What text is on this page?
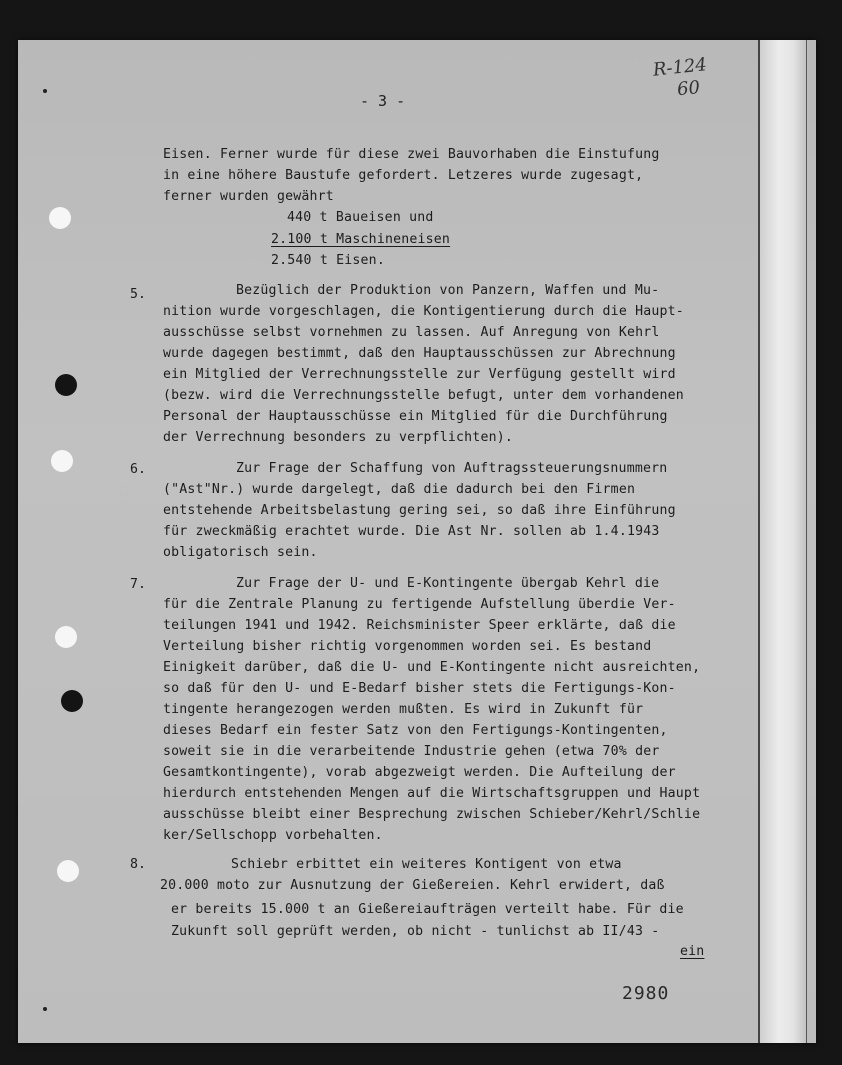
R-124
60
- 3 -
5.
6.
7.
8.
Eisen. Ferner wurde für diese zwei Bauvorhaben die Einstufung
in eine höhere Baustufe gefordert. Letzeres wurde zugesagt,
ferner wurden gewährt
440 t Baueisen und
2.100 t Maschineneisen
2.540 t Eisen.
Bezüglich der Produktion von Panzern, Waffen und Mu-
nition wurde vorgeschlagen, die Kontigentierung durch die Haupt-
ausschüsse selbst vornehmen zu lassen. Auf Anregung von Kehrl
wurde dagegen bestimmt, daß den Hauptausschüssen zur Abrechnung
ein Mitglied der Verrechnungsstelle zur Verfügung gestellt wird
(bezw. wird die Verrechnungsstelle befugt, unter dem vorhandenen
Personal der Hauptausschüsse ein Mitglied für die Durchführung
der Verrechnung besonders zu verpflichten).
Zur Frage der Schaffung von Auftragssteuerungsnummern
("Ast"Nr.) wurde dargelegt, daß die dadurch bei den Firmen
entstehende Arbeitsbelastung gering sei, so daß ihre Einführung
für zweckmäßig erachtet wurde. Die Ast Nr. sollen ab 1.4.1943
obligatorisch sein.
Zur Frage der U- und E-Kontingente übergab Kehrl die
für die Zentrale Planung zu fertigende Aufstellung überdie Ver-
teilungen 1941 und 1942. Reichsminister Speer erklärte, daß die
Verteilung bisher richtig vorgenommen worden sei. Es bestand
Einigkeit darüber, daß die U- und E-Kontingente nicht ausreichten,
so daß für den U- und E-Bedarf bisher stets die Fertigungs-Kon-
tingente herangezogen werden mußten. Es wird in Zukunft für
dieses Bedarf ein fester Satz von den Fertigungs-Kontingenten,
soweit sie in die verarbeitende Industrie gehen (etwa 70% der
Gesamtkontingente), vorab abgezweigt werden. Die Aufteilung der
hierdurch entstehenden Mengen auf die Wirtschaftsgruppen und Haupt
ausschüsse bleibt einer Besprechung zwischen Schieber/Kehrl/Schlie
ker/Sellschopp vorbehalten.
Schiebr erbittet ein weiteres Kontigent von etwa
20.000 moto zur Ausnutzung der Gießereien. Kehrl erwidert, daß
er bereits 15.000 t an Gießereiaufträgen verteilt habe. Für die
Zukunft soll geprüft werden, ob nicht - tunlichst ab II/43 -
ein
2980
